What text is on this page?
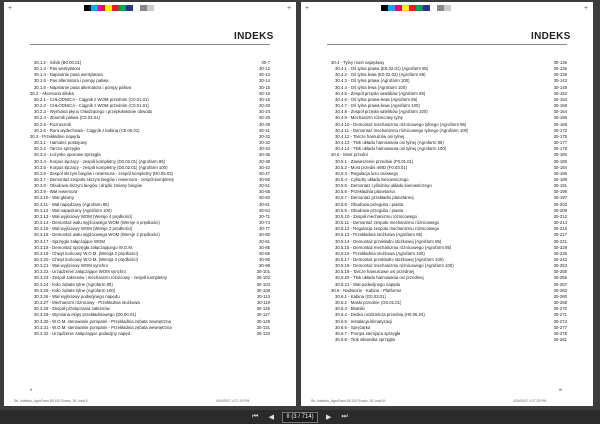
+	+
INDEKS
30.1.2 - Silnik (B0.00.01)	30-7
30.1.3 - Pas wentylatora	30-12
30.1.4 - Napinanie pasa wentylatora	30-13
30.1.5 - Pas alternatora i pompy paliwa	30-14
30.1.6 - Napinanie pasa alternatora i pompy paliwa	30-15
30.2 - Akcesoria silnika	30-16
30.2.1 - CHŁODNICA - Ciągnik z WOM przednim (C0.01.01)	30-16
30.2.2 - CHŁODNICA - Ciągnik z WOM przednim (C0.01.01)	30-20
30.2.3 - Wymiana płynu chłodzącego i przepłukiwanie obwodu	30-24
30.2.4 - Zbiornik paliwa (C0.03.01)	30-26
30.2.5 - Rozrusznik	30-29
30.2.6 - Rura wydechowa - Ciągnik z kabiną (C0.06.01)	30-31
30.3 - Przekładnie napędu	30-32
30.3.1 - Hamulec postojowy	30-32
30.3.2 - Tarcze sprzęgła	30-34
30.3.3 - Łożysko oporowe sprzęgła	30-36
30.3.4 - Korpus łączący - zespół kompletny (D0.02.01) (Agrofarm 85)	30-38
30.3.5 - Korpus łączący - zespół kompletny (D0.02.01) (Agrofarm 100)	30-42
30.3.6 - Zespół skrzyni biegów i rewersora - zespół kompletny (D0.06.03)	30-47
30.3.7 - Demontaż zespołu skrzyni biegów i rewersora - zespół kompletny	30-50
30.3.8 - Obudowa skrzyni biegów i drążki zmiany biegów	30-51
30.3.9 - Wał rewersora	30-56
30.3.10 - Wał główny	30-60
30.3.11 - Wał napędzany (Agrofarm 85)	30-61
30.3.12 - Wał napędzany (Agrofarm 100)	30-64
30.3.13 - Wał wyjściowy WOM (Wersje 4 prędkości)	30-71
30.3.14 - Demontaż wału wyjściowego WOM (Wersje 4 prędkości)	30-74
30.3.15 - Wał wyjściowy WOM (Wersje 2 prędkości)	30-77
30.3.16 - Demontaż wału wyjściowego WOM (Wersje 2 prędkości)	30-80
30.3.17 - Sprzęgło załączające WOM	30-81
30.3.18 - Demontaż sprzęgła załączającego W.O.M.	30-85
30.3.19 - Chwyt końcowy W.O.M. (Wersja 2 prędkości)	30-86
30.3.20 - Chwyt końcowy W.O.M. (Wersja 4 prędkości)	30-90
30.3.21 - Wał wyjściowy WOM synchro	30-98
30.3.22 - Urządzenie załączające WOM synchro	30-101
30.3.23 - Zespół zakresów i mechanizm różnicowy - zespół kompletny	30-102
30.3.24 - Koło zębate tylne (Agrofarm 85)	30-103
30.3.25 - Koło zębate tylne (Agrofarm 100)	30-108
30.3.26 - Wał wyjściowy podwójnego napędu	30-113
30.3.27 - Mechanizm różnicowy - Przekładnia stożkowa	30-119
30.3.28 - Zespół przełączania zakresów	30-125
30.3.29 - Wymiana ekipy przekładniowego (D0.00.01)	30-127
30.3.30 - W.O.M. sterowanie pompami - Przekładnia zębata zewnętrzna	30-129
30.3.31 - W.O.M. sterowanie pompami - Przekładnia zębata wewnętrzna	30-131
30.3.32 - Urządzenie załączające podwójny napęd	30-133
II
Str. Indeksu_AgroFarm 85 100 Rozdz. 30 .indd II	4/04/2007 4:27:29 PM
+	+
INDEKS
30.4 - Tylny most napędowy	30-136
30.4.1 - Oś tylna prawa (E0.02.01) (Agrofarm 85)	30-136
30.4.2 - Oś tylna lewa (E0.02.02) (Agrofarm 85)	30-139
30.4.3 - Oś tylna prawa (Agrofarm 100)	30-143
30.4.4 - Oś tylna lewa (Agrofarm 100)	30-148
30.4.5 - Zespół przęsła satelików (Agrofarm 85)	30-152
30.4.6 - Oś tylna prawa-lewa (Agrofarm 85)	30-154
30.4.7 - Oś tylna prawa-lewa (Agrofarm 100)	30-158
30.4.8 - Zespół przęsła satelików (Agrofarm 100)	30-164
30.4.9 - Mechanizm różnicowy tylny	30-166
30.4.10 - Demontaż mechanizmu różnicowego tylnego (Agrofarm 85)	30-169
30.4.11 - Demontaż mechanizmu różnicowego tylnego (Agrofarm 100)	30-172
30.4.12 - Tarcze hamulców osi tylnej	30-175
30.4.13 - Tłok układu hamowania osi tylnej (Agrofarm 85)	30-177
30.4.14 - Tłok układu hamowania osi tylnej (Agrofarm 100)	30-179
30.5 - Most przedni	30-180
30.5.1 - Zawieszenie przednie (F0.01.01)	30-180
30.5.2 - Most przedni 4WD (F0.03.01)	30-184
30.5.3 - Regulacja luzu osiowego	30-186
30.5.4 - Cylindry układu kierowniczego	30-189
30.5.5 - Demontaż cylindrów układu kierowniczego	30-191
30.5.6 - Przekładnia planetarna	30-195
30.5.7 - Demontaż przekładni planetarnej	30-197
30.5.8 - Obudowa przegubu i piasta	30-203
30.5.9 - Obudowa przegubu i piasta	30-209
30.5.10 - Zespół mechanizmu różnicowego	30-212
30.5.11 - Demontaż zespołu mechanizmu różnicowego	30-214
30.5.12 - Regulacja zespołu mechanizmu różnicowego	30-215
30.5.13 - Przekładnia stożkowa (Agrofarm 85)	30-217
30.5.14 - Demontaż przekładni stożkowej (Agrofarm 85)	30-221
30.5.15 - Demontaż mechanizmu różnicowego (Agrofarm 85)	30-228
30.5.16 - Przekładnia stożkowa (Agrofarm 100)	30-236
30.5.17 - Demontaż przekładni stożkowej (Agrofarm 100)	30-243
30.5.18 - Demontaż mechanizmu różnicowego (Agrofarm 100)	30-253
30.5.19 - Tarcze hamulcowe osi przedniej	30-255
30.5.20 - Tłok układu hamowania osi przedniej	30-256
30.5.21 - Wał podwójnego napędu	30-257
30.6 - Nadwozie - Kabina - Platforma	30-260
30.6.1 - Kabina (G0.03.01)	30-260
30.6.2 - Maski przednie (G0.01.01)	30-268
30.6.3 - Błotniki	30-270
30.6.4 - Deska rozdzielcza przednia (H0.06.04)	30-271
30.6.5 - Instalacja klimatyzacji	30-274
30.6.6 - Sprężarka	30-277
30.6.7 - Pompa sterująca sprzęgła	30-278
30.6.8 - Tłok siłownika sprzęgła	30-281
III
Str. Indeksu_AgroFarm 85 100 Rozdz. 30 .indd III	4/04/2007 4:27:29 PM
⏮ ◀	II (3 / 714)	▶ ⏭
